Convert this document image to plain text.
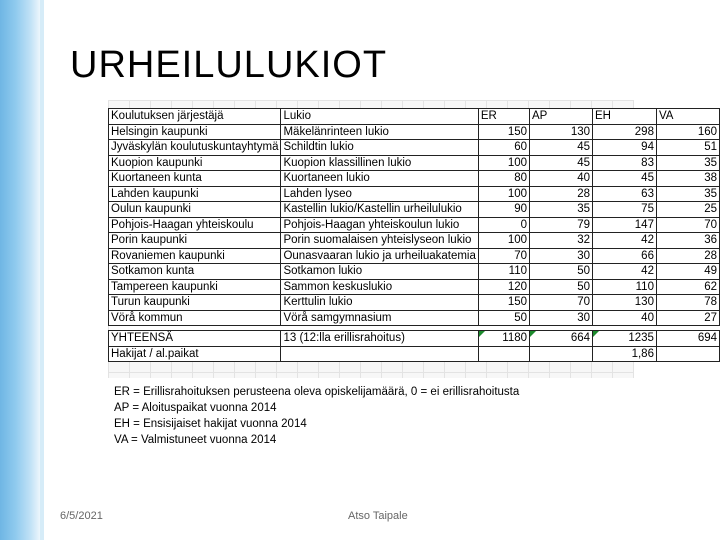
URHEILULUKIOT
Koulutuksen järjestäjä	Lukio	ER	AP	EH	VA
Helsingin kaupunki	Mäkelänrinteen lukio	150	130	298	160
Jyväskylän koulutuskuntayhtymä	Schildtin lukio	60	45	94	51
Kuopion kaupunki	Kuopion klassillinen lukio	100	45	83	35
Kuortaneen kunta	Kuortaneen lukio	80	40	45	38
Lahden kaupunki	Lahden lyseo	100	28	63	35
Oulun kaupunki	Kastellin lukio/Kastellin urheilulukio	90	35	75	25
Pohjois-Haagan yhteiskoulu	Pohjois-Haagan yhteiskoulun lukio	0	79	147	70
Porin kaupunki	Porin suomalaisen yhteislyseon lukio	100	32	42	36
Rovaniemen kaupunki	Ounasvaaran lukio ja urheiluakatemia	70	30	66	28
Sotkamon kunta	Sotkamon lukio	110	50	42	49
Tampereen kaupunki	Sammon keskuslukio	120	50	110	62
Turun kaupunki	Kerttulin lukio	150	70	130	78
Vörå kommun	Vörå samgymnasium	50	30	40	27

YHTEENSÄ	13 (12:lla erillisrahoitus)	1180	664	1235	694
Hakijat / al.paikat				1,86	
ER = Erillisrahoituksen perusteena oleva opiskelijamäärä, 0 = ei erillisrahoitusta
AP = Aloituspaikat vuonna 2014
EH = Ensisijaiset hakijat vuonna 2014
VA = Valmistuneet vuonna 2014
6/5/2021	Atso Taipale
